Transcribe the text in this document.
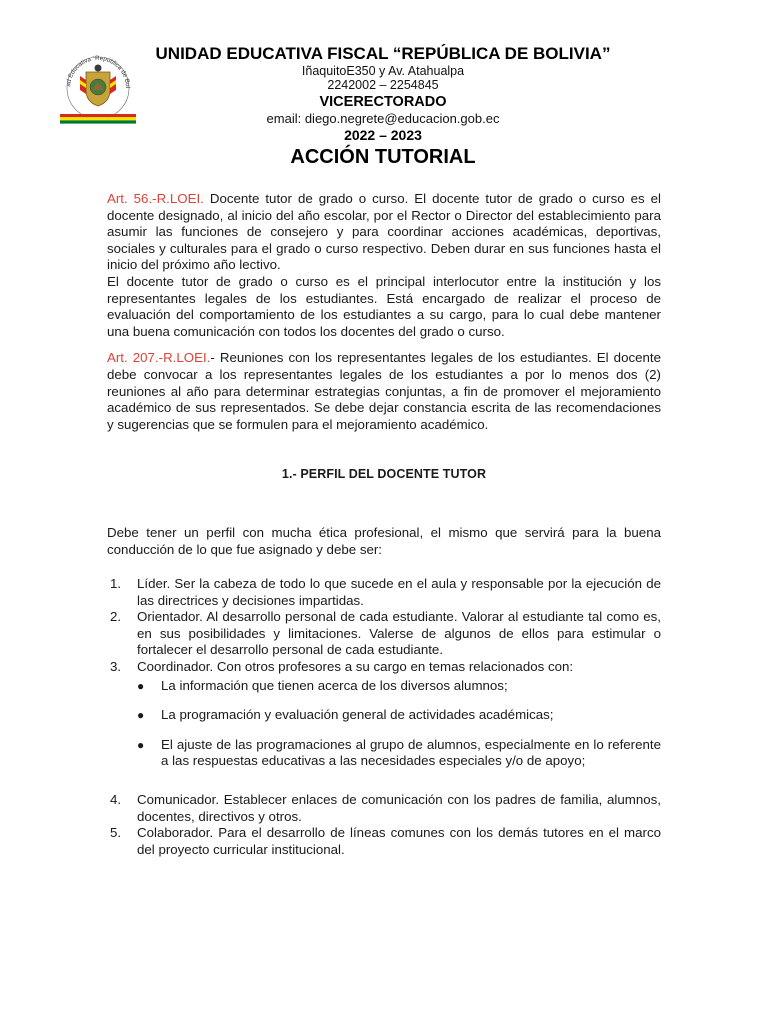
ad Educativa “República de Bol
UNIDAD EDUCATIVA FISCAL “REPÚBLICA DE BOLIVIA”
IñaquitoE350 y Av. Atahualpa
2242002 – 2254845
VICERECTORADO
email: diego.negrete@educacion.gob.ec
2022 – 2023
ACCIÓN TUTORIAL

Art. 56.-R.LOEI. Docente tutor de grado o curso. El docente tutor de grado o curso es el docente designado, al inicio del año escolar, por el Rector o Director del establecimiento para asumir las funciones de consejero y para coordinar acciones académicas, deportivas, sociales y culturales para el grado o curso respectivo. Deben durar en sus funciones hasta el inicio del próximo año lectivo.

El docente tutor de grado o curso es el principal interlocutor entre la institución y los representantes legales de los estudiantes. Está encargado de realizar el proceso de evaluación del comportamiento de los estudiantes a su cargo, para lo cual debe mantener una buena comunicación con todos los docentes del grado o curso.

Art. 207.-R.LOEI.- Reuniones con los representantes legales de los estudiantes. El docente debe convocar a los representantes legales de los estudiantes a por lo menos dos (2) reuniones al año para determinar estrategias conjuntas, a fin de promover el mejoramiento académico de sus representados. Se debe dejar constancia escrita de las recomendaciones y sugerencias que se formulen para el mejoramiento académico.

1.- PERFIL DEL DOCENTE TUTOR

Debe tener un perfil con mucha ética profesional, el mismo que servirá para la buena conducción de lo que fue asignado y debe ser:

1. Líder. Ser la cabeza de todo lo que sucede en el aula y responsable por la ejecución de las directrices y decisiones impartidas.
2. Orientador. Al desarrollo personal de cada estudiante. Valorar al estudiante tal como es, en sus posibilidades y limitaciones. Valerse de algunos de ellos para estimular o fortalecer el desarrollo personal de cada estudiante.
3. Coordinador. Con otros profesores a su cargo en temas relacionados con:
● La información que tienen acerca de los diversos alumnos;
● La programación y evaluación general de actividades académicas;
● El ajuste de las programaciones al grupo de alumnos, especialmente en lo referente a las respuestas educativas a las necesidades especiales y/o de apoyo;
4. Comunicador. Establecer enlaces de comunicación con los padres de familia, alumnos, docentes, directivos y otros.
5. Colaborador. Para el desarrollo de líneas comunes con los demás tutores en el marco del proyecto curricular institucional.
